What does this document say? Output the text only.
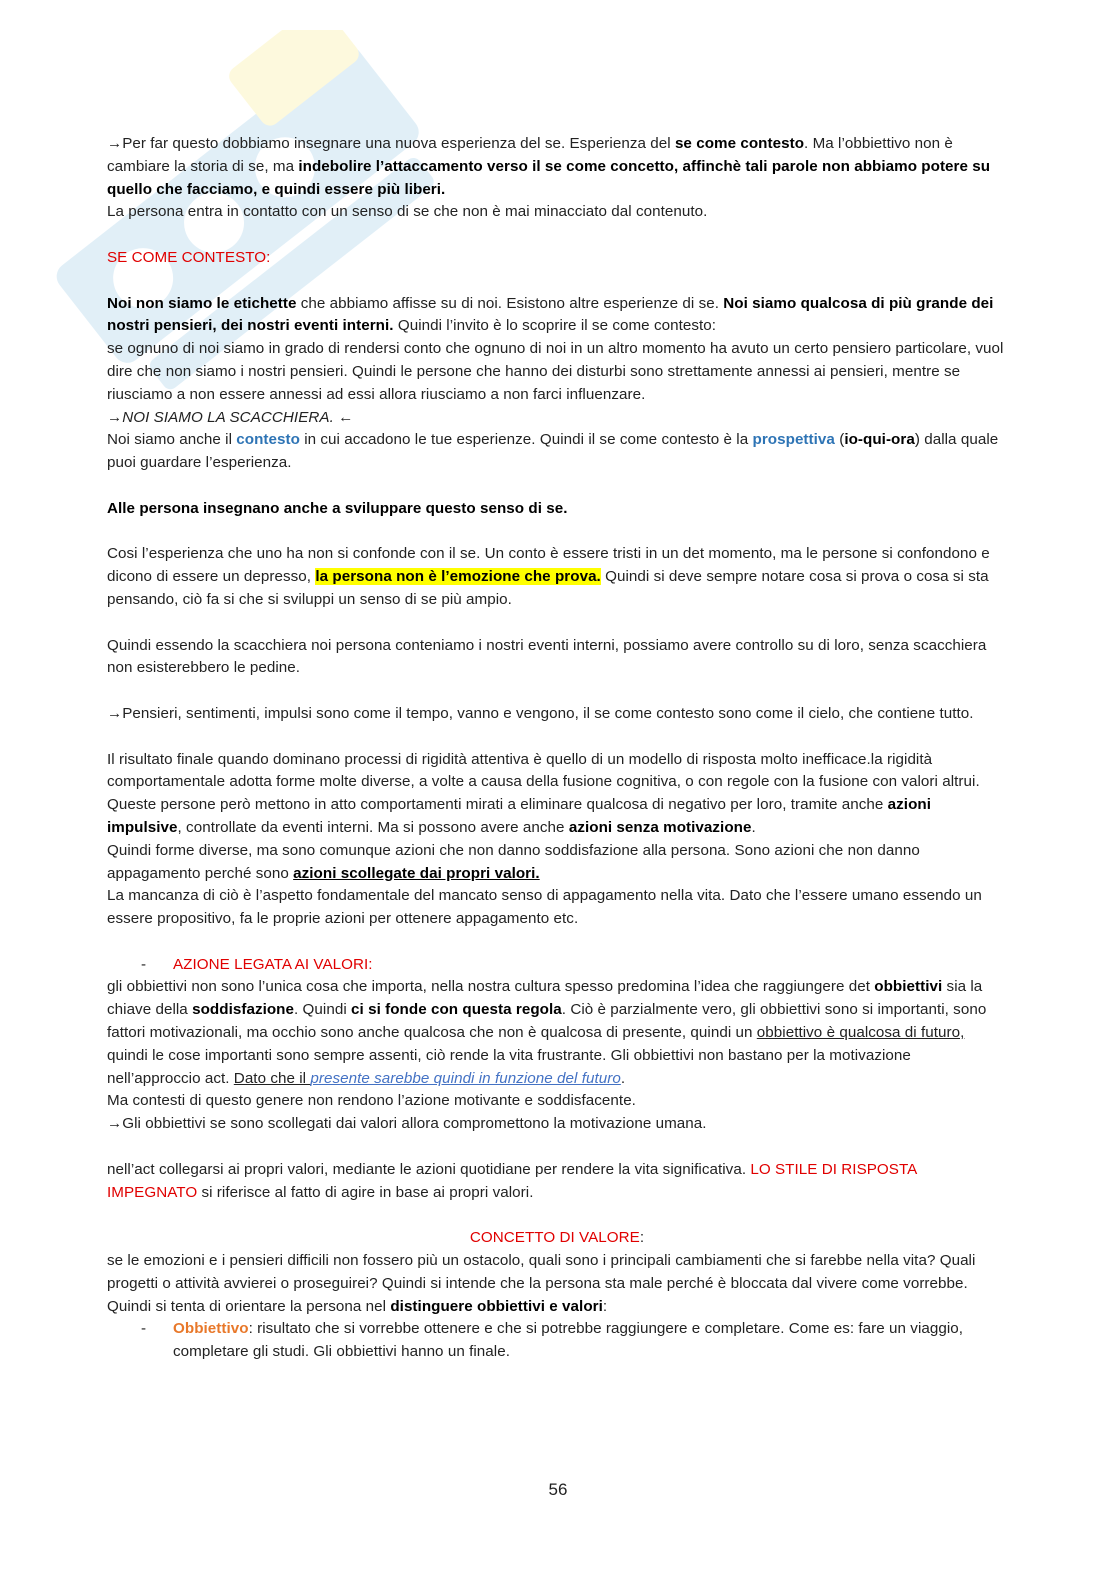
→Per far questo dobbiamo insegnare una nuova esperienza del se. Esperienza del se come contesto. Ma l’obbiettivo non è cambiare la storia di se, ma indebolire l’attaccamento verso il se come concetto, affinchè tali parole non abbiamo potere su quello che facciamo, e quindi essere più liberi.

La persona entra in contatto con un senso di se che non è mai minacciato dal contenuto.

SE COME CONTESTO:

Noi non siamo le etichette che abbiamo affisse su di noi. Esistono altre esperienze di se. Noi siamo qualcosa di più grande dei nostri pensieri, dei nostri eventi interni. Quindi l’invito è lo scoprire il se come contesto:

se ognuno di noi siamo in grado di rendersi conto che ognuno di noi in un altro momento ha avuto un certo pensiero particolare, vuol dire che non siamo i nostri pensieri. Quindi le persone che hanno dei disturbi sono strettamente annessi ai pensieri, mentre se riusciamo a non essere annessi ad essi allora riusciamo a non farci influenzare.

→NOI SIAMO LA SCACCHIERA. ←

Noi siamo anche il contesto in cui accadono le tue esperienze. Quindi il se come contesto è la prospettiva (io-qui-ora) dalla quale puoi guardare l’esperienza.

Alle persona insegnano anche a sviluppare questo senso di se.

Cosi l’esperienza che uno ha non si confonde con il se. Un conto è essere tristi in un det momento, ma le persone si confondono e dicono di essere un depresso, la persona non è l’emozione che prova. Quindi si deve sempre notare cosa si prova o cosa si sta pensando, ciò fa si che si sviluppi un senso di se più ampio.

Quindi essendo la scacchiera noi persona conteniamo i nostri eventi interni, possiamo avere controllo su di loro, senza scacchiera non esisterebbero le pedine.

→Pensieri, sentimenti, impulsi sono come il tempo, vanno e vengono, il se come contesto sono come il cielo, che contiene tutto.

Il risultato finale quando dominano processi di rigidità attentiva è quello di un modello di risposta molto inefficace.la rigidità comportamentale adotta forme molte diverse, a volte a causa della fusione cognitiva, o con regole con la fusione con valori altrui.

Queste persone però mettono in atto comportamenti mirati a eliminare qualcosa di negativo per loro, tramite anche azioni impulsive, controllate da eventi interni. Ma si possono avere anche azioni senza motivazione.

Quindi forme diverse, ma sono comunque azioni che non danno soddisfazione alla persona. Sono azioni che non danno appagamento perché sono azioni scollegate dai propri valori.

La mancanza di ciò è l’aspetto fondamentale del mancato senso di appagamento nella vita. Dato che l’essere umano essendo un essere propositivo, fa le proprie azioni per ottenere appagamento etc.

- AZIONE LEGATA AI VALORI:

gli obbiettivi non sono l’unica cosa che importa, nella nostra cultura spesso predomina l’idea che raggiungere det obbiettivi sia la chiave della soddisfazione. Quindi ci si fonde con questa regola. Ciò è parzialmente vero, gli obbiettivi sono si importanti, sono fattori motivazionali, ma occhio sono anche qualcosa che non è qualcosa di presente, quindi un obbiettivo è qualcosa di futuro, quindi le cose importanti sono sempre assenti, ciò rende la vita frustrante. Gli obbiettivi non bastano per la motivazione nell’approccio act. Dato che il presente sarebbe quindi in funzione del futuro.

Ma contesti di questo genere non rendono l’azione motivante e soddisfacente.

→Gli obbiettivi se sono scollegati dai valori allora compromettono la motivazione umana.

nell’act collegarsi ai propri valori, mediante le azioni quotidiane per rendere la vita significativa. LO STILE DI RISPOSTA IMPEGNATO si riferisce al fatto di agire in base ai propri valori.

CONCETTO DI VALORE:

se le emozioni e i pensieri difficili non fossero più un ostacolo, quali sono i principali cambiamenti che si farebbe nella vita? Quali progetti o attività avvierei o proseguirei? Quindi si intende che la persona sta male perché è bloccata dal vivere come vorrebbe.

Quindi si tenta di orientare la persona nel distinguere obbiettivi e valori:

- Obbiettivo: risultato che si vorrebbe ottenere e che si potrebbe raggiungere e completare. Come es: fare un viaggio, completare gli studi. Gli obbiettivi hanno un finale.

56
